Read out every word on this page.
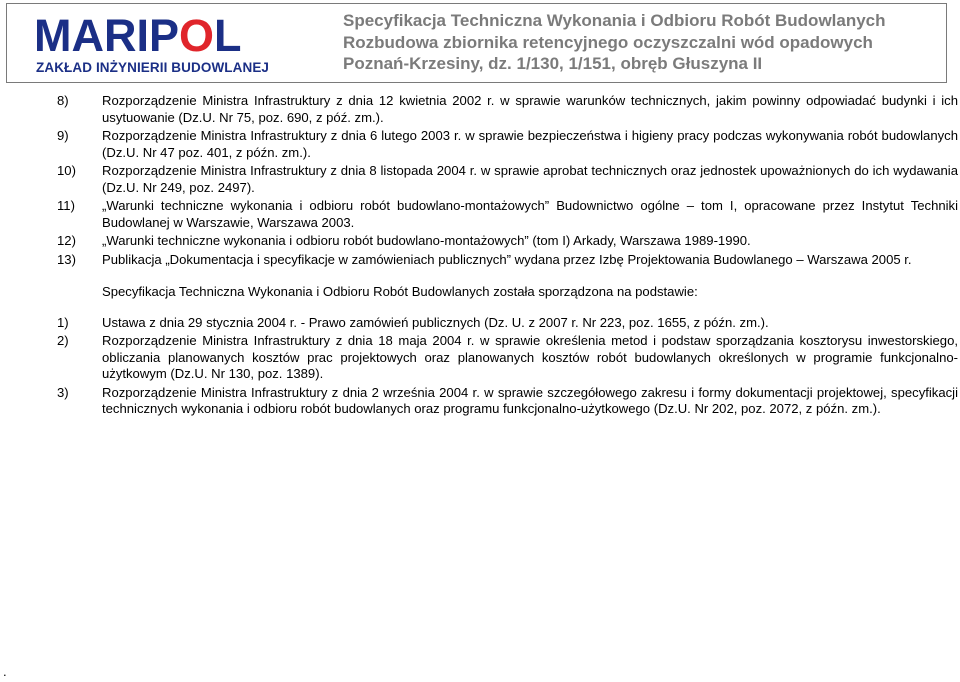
MARIPOL
ZAKŁAD INŻYNIERII BUDOWLANEJ
Specyfikacja Techniczna Wykonania i Odbioru Robót Budowlanych
Rozbudowa zbiornika retencyjnego oczyszczalni wód opadowych
Poznań-Krzesiny, dz. 1/130, 1/151, obręb Głuszyna II
8)	Rozporządzenie Ministra Infrastruktury z dnia 12 kwietnia 2002 r. w sprawie warunków technicznych, jakim powinny odpowiadać budynki i ich usytuowanie (Dz.U. Nr 75, poz. 690, z póź. zm.).
9)	Rozporządzenie Ministra Infrastruktury z dnia 6 lutego 2003 r. w sprawie bezpieczeństwa i higieny pracy podczas wykonywania robót budowlanych (Dz.U. Nr 47 poz. 401, z późn. zm.).
10) Rozporządzenie Ministra Infrastruktury z dnia 8 listopada 2004 r. w sprawie aprobat technicznych oraz jednostek upoważnionych do ich wydawania (Dz.U. Nr 249, poz. 2497).
11) „Warunki techniczne wykonania i odbioru robót budowlano-montażowych” Budownictwo ogólne – tom I, opracowane przez Instytut Techniki Budowlanej w Warszawie, Warszawa 2003.
12) „Warunki techniczne wykonania i odbioru robót budowlano-montażowych” (tom I) Arkady, Warszawa 1989-1990.
13) Publikacja „Dokumentacja i specyfikacje w zamówieniach publicznych” wydana przez Izbę Projektowania Budowlanego – Warszawa 2005 r.

Specyfikacja Techniczna Wykonania i Odbioru Robót Budowlanych została sporządzona na podstawie:

1)	Ustawa z dnia 29 stycznia 2004 r. - Prawo zamówień publicznych (Dz. U. z 2007 r. Nr 223, poz. 1655, z późn. zm.).
2)	Rozporządzenie Ministra Infrastruktury z dnia 18 maja 2004 r. w sprawie określenia metod i podstaw sporządzania kosztorysu inwestorskiego, obliczania planowanych kosztów prac projektowych oraz planowanych kosztów robót budowlanych określonych w programie funkcjonalno-użytkowym (Dz.U. Nr 130, poz. 1389).
3)	Rozporządzenie Ministra Infrastruktury z dnia 2 września 2004 r. w sprawie szczegółowego zakresu i formy dokumentacji projektowej, specyfikacji technicznych wykonania i odbioru robót budowlanych oraz programu funkcjonalno-użytkowego (Dz.U. Nr 202, poz. 2072, z późn. zm.).
.
